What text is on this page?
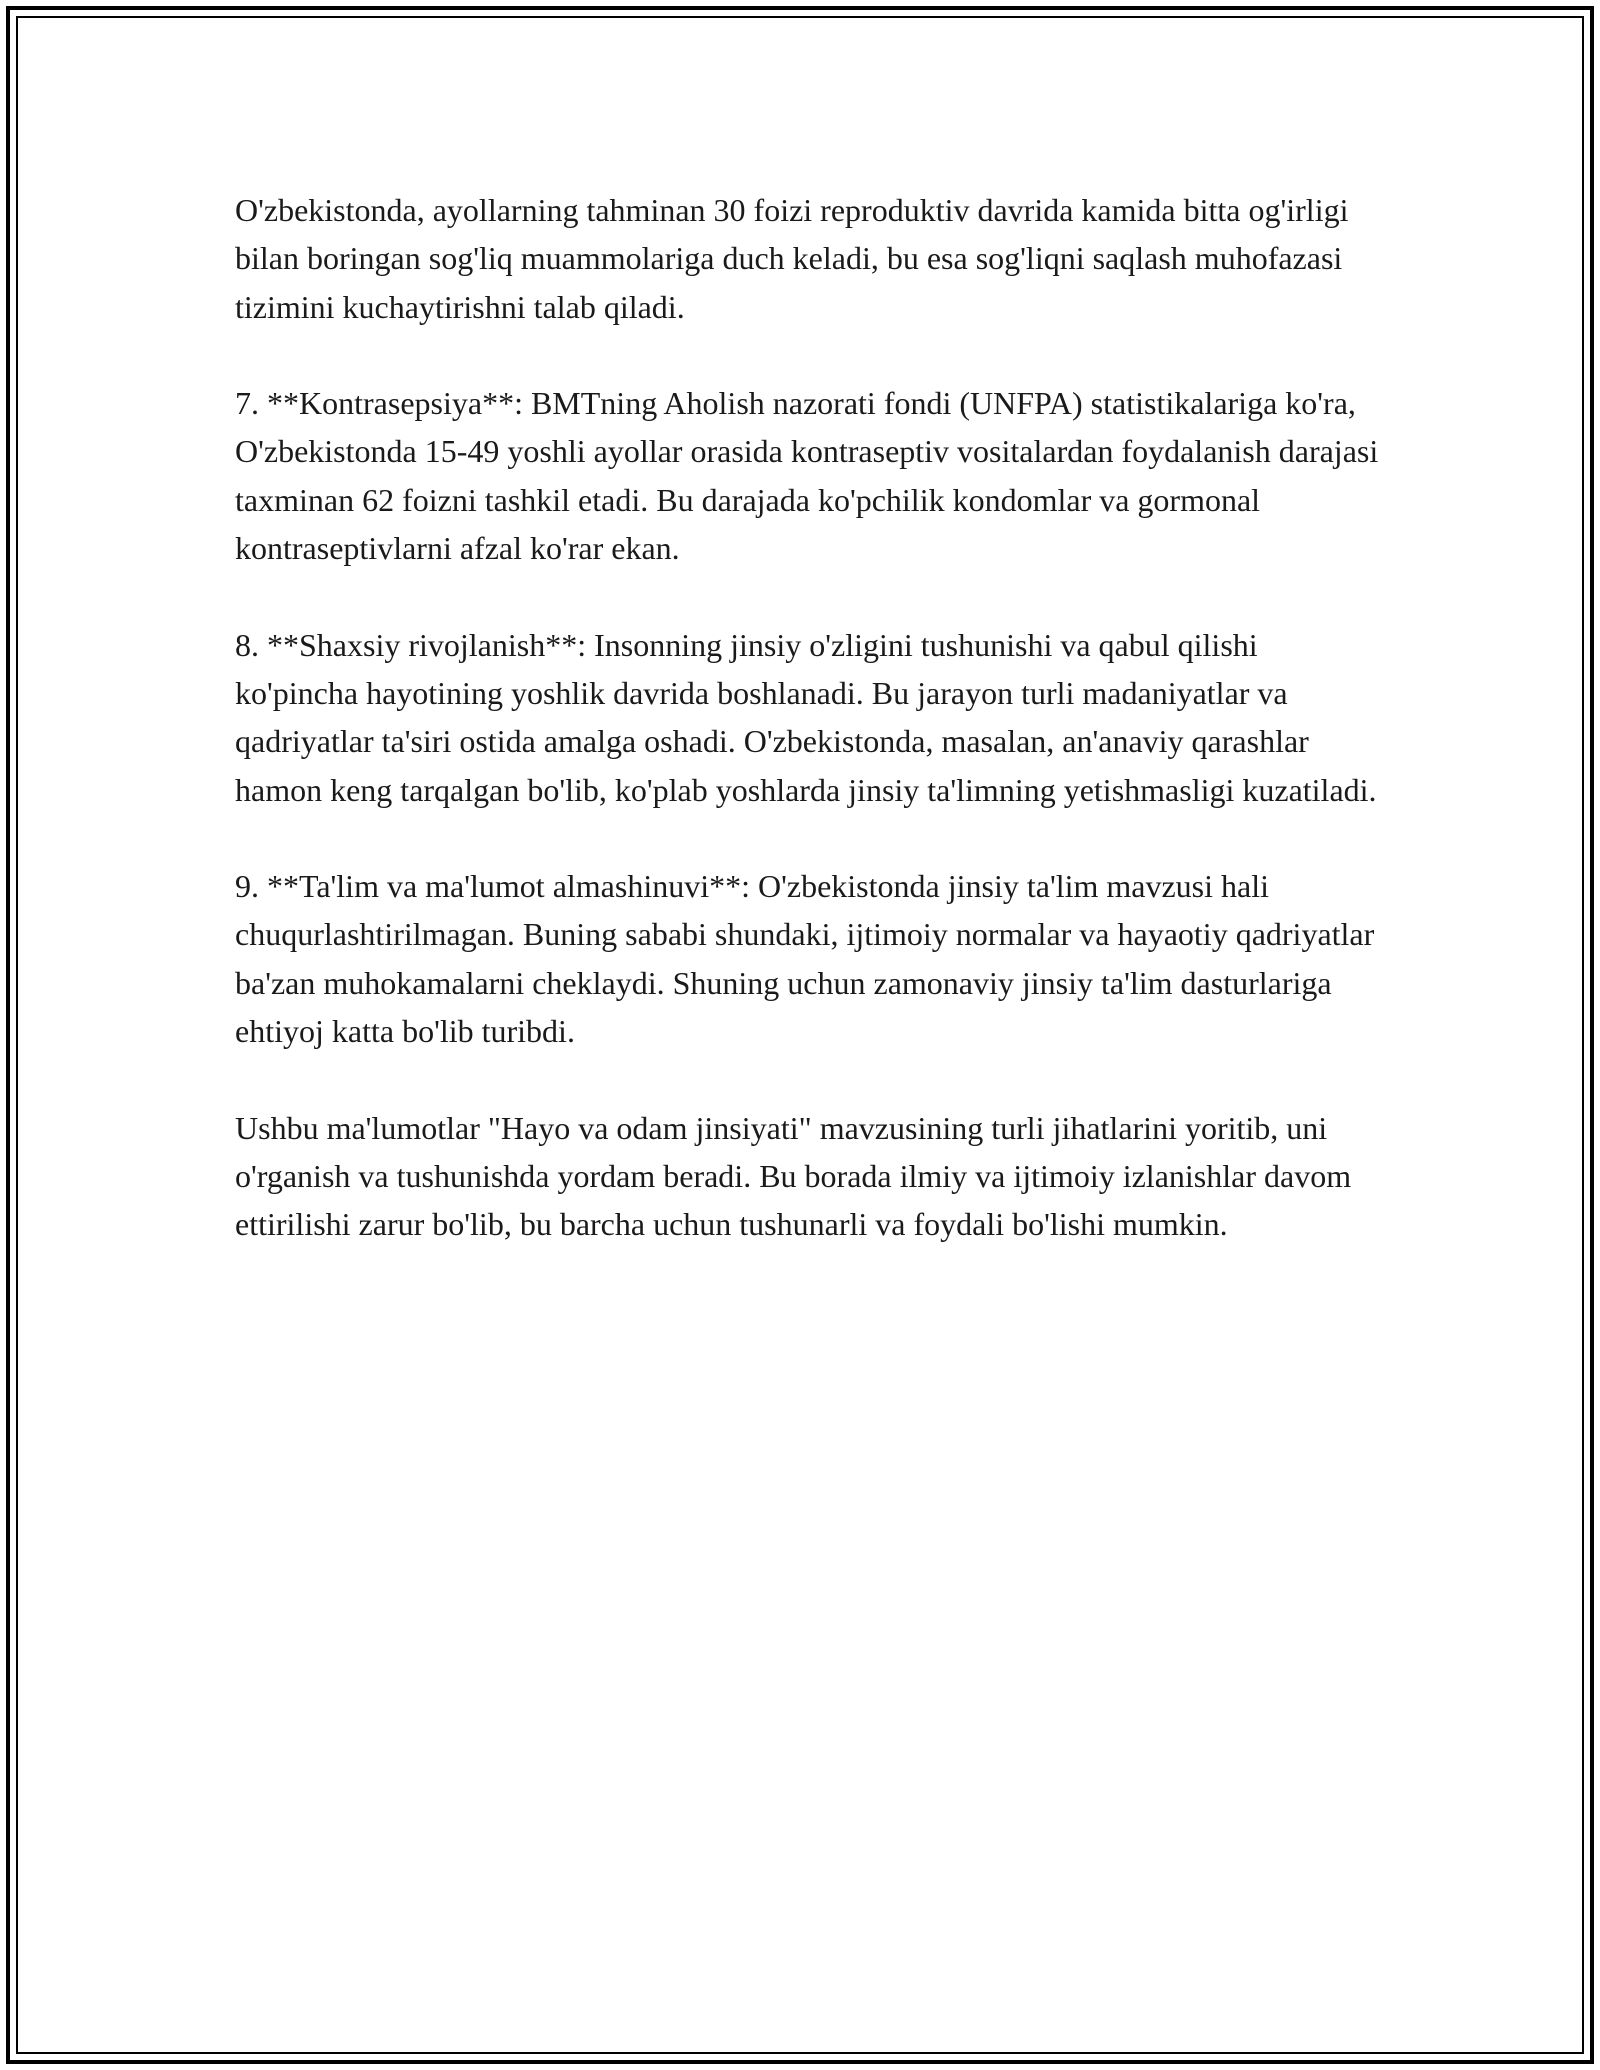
O'zbekistonda, ayollarning tahminan 30 foizi reproduktiv davrida kamida bitta og'irligi bilan boringan sog'liq muammolariga duch keladi, bu esa sog'liqni saqlash muhofazasi tizimini kuchaytirishni talab qiladi.

7. **Kontrasepsiya**: BMTning Aholish nazorati fondi (UNFPA) statistikalariga ko'ra, O'zbekistonda 15-49 yoshli ayollar orasida kontraseptiv vositalardan foydalanish darajasi taxminan 62 foizni tashkil etadi. Bu darajada ko'pchilik kondomlar va gormonal kontraseptivlarni afzal ko'rar ekan.

8. **Shaxsiy rivojlanish**: Insonning jinsiy o'zligini tushunishi va qabul qilishi ko'pincha hayotining yoshlik davrida boshlanadi. Bu jarayon turli madaniyatlar va qadriyatlar ta'siri ostida amalga oshadi. O'zbekistonda, masalan, an'anaviy qarashlar hamon keng tarqalgan bo'lib, ko'plab yoshlarda jinsiy ta'limning yetishmasligi kuzatiladi.

9. **Ta'lim va ma'lumot almashinuvi**: O'zbekistonda jinsiy ta'lim mavzusi hali chuqurlashtirilmagan. Buning sababi shundaki, ijtimoiy normalar va hayaotiy qadriyatlar ba'zan muhokamalarni cheklaydi. Shuning uchun zamonaviy jinsiy ta'lim dasturlariga ehtiyoj katta bo'lib turibdi.

Ushbu ma'lumotlar "Hayo va odam jinsiyati" mavzusining turli jihatlarini yoritib, uni o'rganish va tushunishda yordam beradi. Bu borada ilmiy va ijtimoiy izlanishlar davom ettirilishi zarur bo'lib, bu barcha uchun tushunarli va foydali bo'lishi mumkin.
